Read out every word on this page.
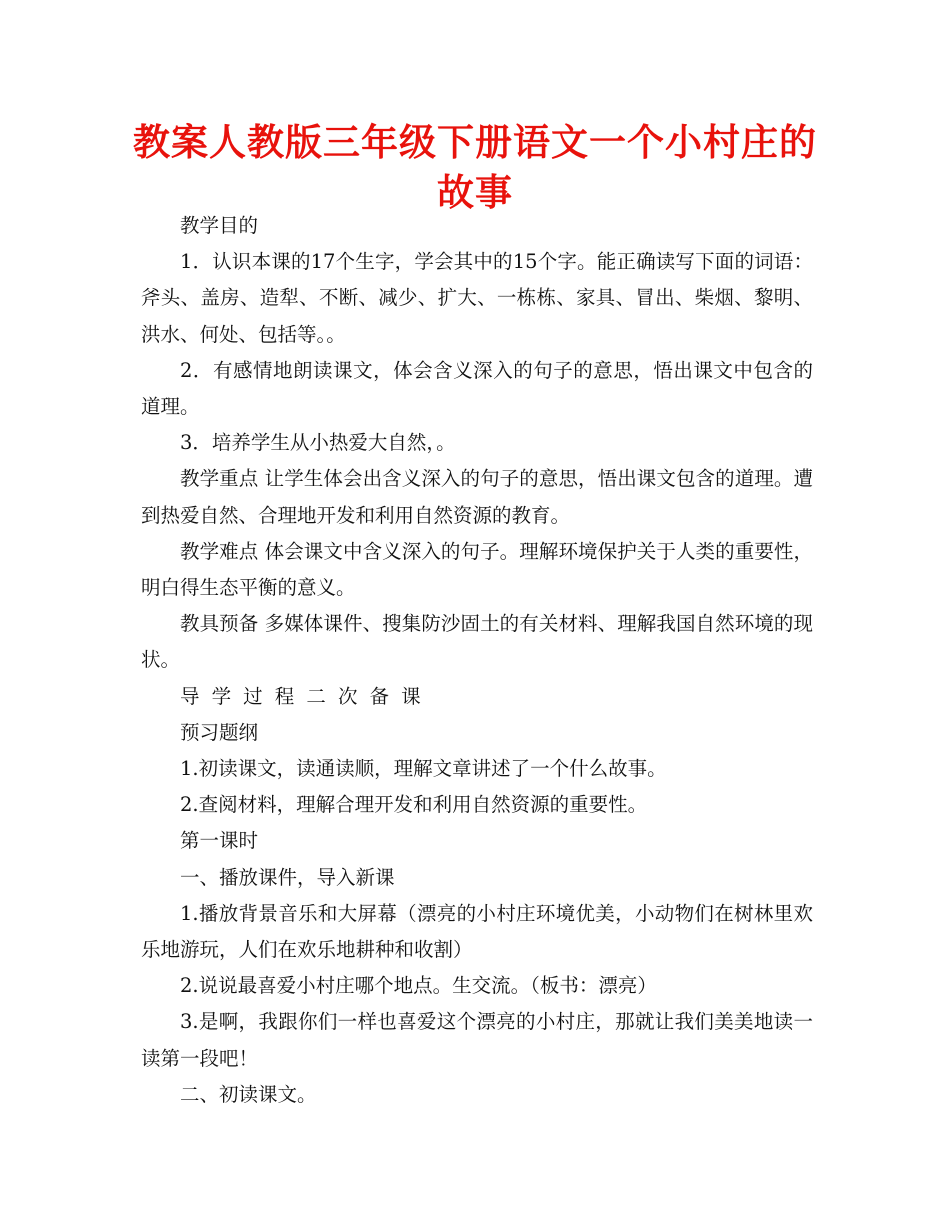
教案人教版三年级下册语文一个小村庄的故事

教学目的

1．认识本课的17个生字，学会其中的15个字。能正确读写下面的词语：斧头、盖房、造犁、不断、减少、扩大、一栋栋、家具、冒出、柴烟、黎明、洪水、何处、包括等。。

2．有感情地朗读课文，体会含义深入的句子的意思，悟出课文中包含的道理。

3．培养学生从小热爱大自然，。

教学重点 让学生体会出含义深入的句子的意思，悟出课文包含的道理。遭到热爱自然、合理地开发和利用自然资源的教育。

教学难点 体会课文中含义深入的句子。理解环境保护关于人类的重要性，明白得生态平衡的意义。

教具预备 多媒体课件、搜集防沙固土的有关材料、理解我国自然环境的现状。

导学过程二次备课

预习题纲

1.初读课文，读通读顺，理解文章讲述了一个什么故事。

2.查阅材料，理解合理开发和利用自然资源的重要性。

第一课时

一、播放课件，导入新课

1.播放背景音乐和大屏幕（漂亮的小村庄环境优美，小动物们在树林里欢乐地游玩，人们在欢乐地耕种和收割）

2.说说最喜爱小村庄哪个地点。生交流。（板书：漂亮）

3.是啊，我跟你们一样也喜爱这个漂亮的小村庄，那就让我们美美地读一读第一段吧！

二、初读课文。
